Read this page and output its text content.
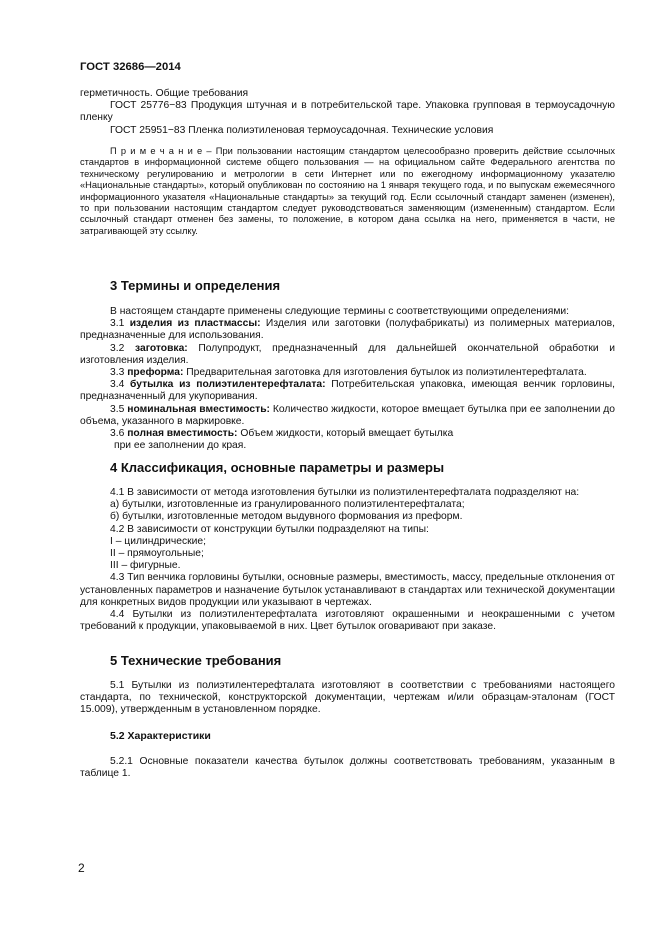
ГОСТ 32686—2014

герметичность. Общие требования

ГОСТ 25776−83 Продукция штучная и в потребительской таре. Упаковка групповая в термоусадочную пленку

ГОСТ 25951−83 Пленка полиэтиленовая термоусадочная. Технические условия

П р и м е ч а н и е – При пользовании настоящим стандартом целесообразно проверить действие ссылочных стандартов в информационной системе общего пользования — на официальном сайте Федерального агентства по техническому регулированию и метрологии в сети Интернет или по ежегодному информационному указателю «Национальные стандарты», который опубликован по состоянию на 1 января текущего года, и по выпускам ежемесячного информационного указателя «Национальные стандарты» за текущий год. Если ссылочный стандарт заменен (изменен), то при пользовании настоящим стандартом следует руководствоваться заменяющим (измененным) стандартом. Если ссылочный стандарт отменен без замены, то положение, в котором дана ссылка на него, применяется в части, не затрагивающей эту ссылку.

3 Термины и определения

В настоящем стандарте применены следующие термины с соответствующими определениями:

3.1 изделия из пластмассы: Изделия или заготовки (полуфабрикаты) из полимерных материалов, предназначенные для использования.

3.2 заготовка: Полупродукт, предназначенный для дальнейшей окончательной обработки и изготовления изделия.

3.3 преформа: Предварительная заготовка для изготовления бутылок из полиэтилентерефталата.

3.4 бутылка из полиэтилентерефталата: Потребительская упаковка, имеющая венчик горловины, предназначенный для укупоривания.

3.5 номинальная вместимость: Количество жидкости, которое вмещает бутылка при ее заполнении до объема, указанного в маркировке.

3.6 полная вместимость: Объем жидкости, который вмещает бутылка

при ее заполнении до края.

4 Классификация, основные параметры и размеры

4.1 В зависимости от метода изготовления бутылки из полиэтилентерефталата подразделяют на:

а) бутылки, изготовленные из гранулированного полиэтилентерефталата;

б) бутылки, изготовленные методом выдувного формования из преформ.

4.2 В зависимости от конструкции бутылки подразделяют на типы:

I – цилиндрические;

II – прямоугольные;

III – фигурные.

4.3 Тип венчика горловины бутылки, основные размеры, вместимость, массу, предельные отклонения от установленных параметров и назначение бутылок устанавливают в стандартах или технической документации для конкретных видов продукции или указывают в чертежах.

4.4 Бутылки из полиэтилентерефталата изготовляют окрашенными и неокрашенными с учетом требований к продукции, упаковываемой в них. Цвет бутылок оговаривают при заказе.

5 Технические требования

5.1 Бутылки из полиэтилентерефталата изготовляют в соответствии с требованиями настоящего стандарта, по технической, конструкторской документации, чертежам и/или образцам-эталонам (ГОСТ 15.009), утвержденным в установленном порядке.

5.2 Характеристики

5.2.1 Основные показатели качества бутылок должны соответствовать требованиям, указанным в таблице 1.

2
